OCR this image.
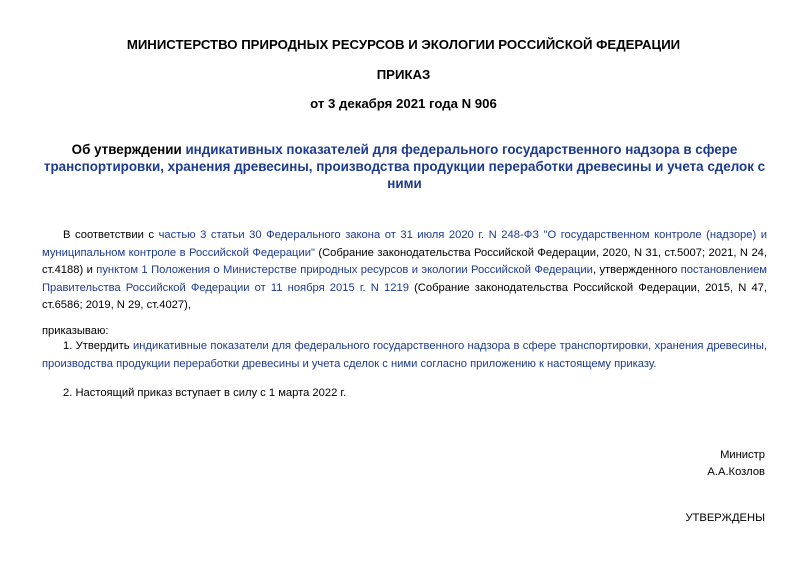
МИНИСТЕРСТВО ПРИРОДНЫХ РЕСУРСОВ И ЭКОЛОГИИ РОССИЙСКОЙ ФЕДЕРАЦИИ
ПРИКАЗ
от 3 декабря 2021 года N 906
Об утверждении индикативных показателей для федерального государственного надзора в сфере транспортировки, хранения древесины, производства продукции переработки древесины и учета сделок с ними
В соответствии с частью 3 статьи 30 Федерального закона от 31 июля 2020 г. N 248-ФЗ "О государственном контроле (надзоре) и муниципальном контроле в Российской Федерации" (Собрание законодательства Российской Федерации, 2020, N 31, ст.5007; 2021, N 24, ст.4188) и пунктом 1 Положения о Министерстве природных ресурсов и экологии Российской Федерации, утвержденного постановлением Правительства Российской Федерации от 11 ноября 2015 г. N 1219 (Собрание законодательства Российской Федерации, 2015, N 47, ст.6586; 2019, N 29, ст.4027),
приказываю:
1. Утвердить индикативные показатели для федерального государственного надзора в сфере транспортировки, хранения древесины, производства продукции переработки древесины и учета сделок с ними согласно приложению к настоящему приказу.
2. Настоящий приказ вступает в силу с 1 марта 2022 г.
Министр
А.А.Козлов
УТВЕРЖДЕНЫ
